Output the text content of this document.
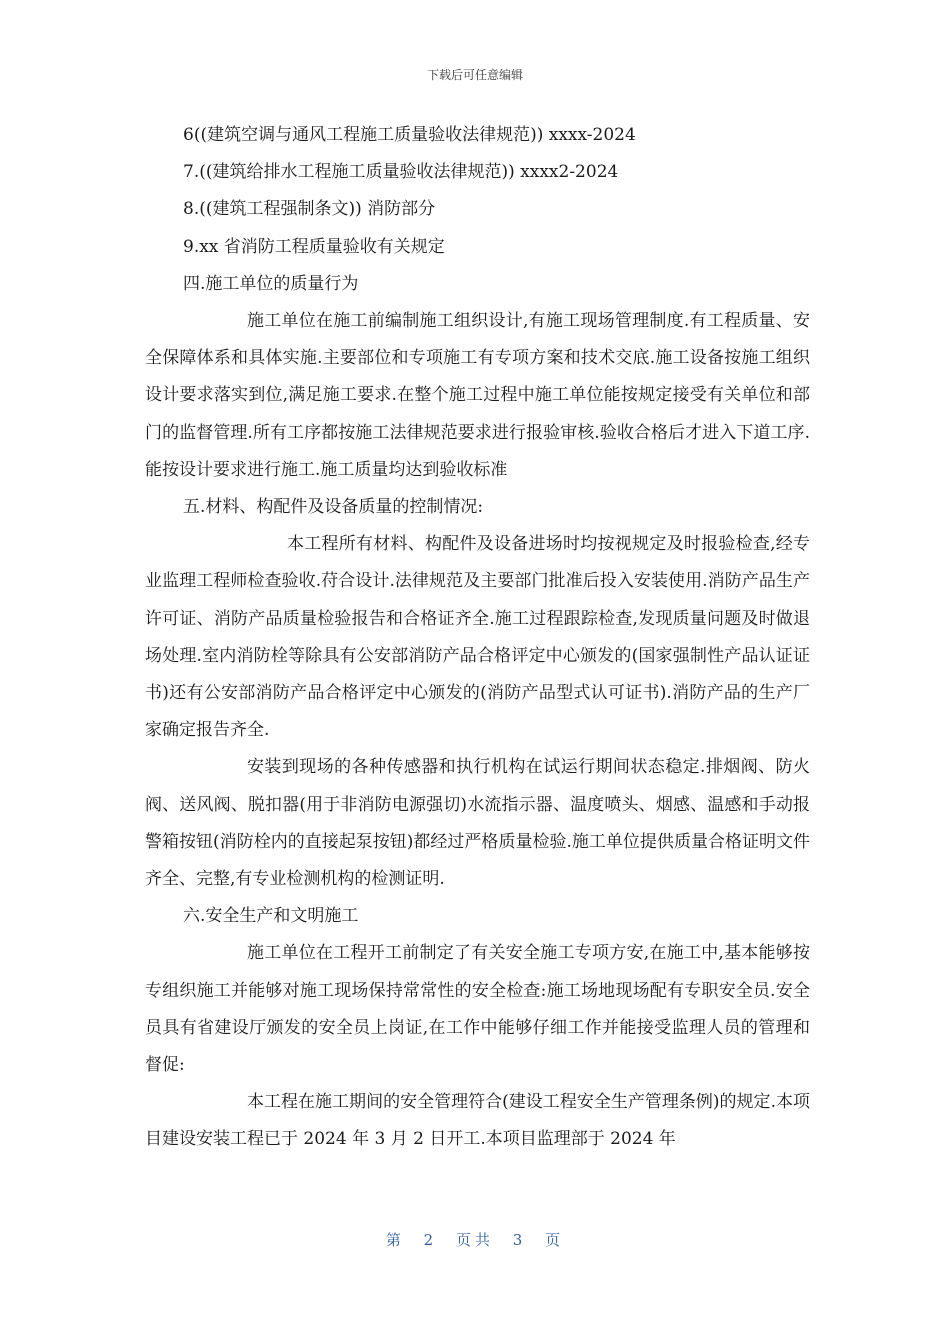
下载后可任意编辑

6((建筑空调与通风工程施工质量验收法律规范)) xxxx-2024

7.((建筑给排水工程施工质量验收法律规范)) xxxx2-2024

8.((建筑工程强制条文)) 消防部分

9.xx 省消防工程质量验收有关规定

四.施工单位的质量行为

施工单位在施工前编制施工组织设计,有施工现场管理制度.有工程质量、安全保障体系和具体实施.主要部位和专项施工有专项方案和技术交底.施工设备按施工组织设计要求落实到位,满足施工要求.在整个施工过程中施工单位能按规定接受有关单位和部门的监督管理.所有工序都按施工法律规范要求进行报验审核.验收合格后才进入下道工序.能按设计要求进行施工.施工质量均达到验收标准

五.材料、构配件及设备质量的控制情况:

本工程所有材料、构配件及设备进场时均按视规定及时报验检查,经专业监理工程师检查验收.苻合设计.法律规范及主要部门批准后投入安装使用.消防产品生产许可证、消防产品质量检验报告和合格证齐全.施工过程跟踪检查,发现质量问题及时做退场处理.室内消防栓等除具有公安部消防产品合格评定中心颁发的(国家强制性产品认证证书)还有公安部消防产品合格评定中心颁发的(消防产品型式认可证书).消防产品的生产厂家确定报告齐全.

安装到现场的各种传感器和执行机构在试运行期间状态稳定.排烟阀、防火阀、送风阀、脱扣器(用于非消防电源强切)水流指示器、温度喷头、烟感、温感和手动报警箱按钮(消防栓内的直接起泵按钮)都经过严格质量检验.施工单位提供质量合格证明文件齐全、完整,有专业检测机构的检测证明.

六.安全生产和文明施工

施工单位在工程开工前制定了有关安全施工专项方安,在施工中,基本能够按专组织施工并能够对施工现场保持常常性的安全检查:施工场地现场配有专职安全员.安全员具有省建设厅颁发的安全员上岗证,在工作中能够仔细工作并能接受监理人员的管理和督促:

本工程在施工期间的安全管理符合(建设工程安全生产管理条例)的规定.本项目建设安装工程已于 2024 年 3 月 2 日开工.本项目监理部于 2024 年

第 2 页共 3 页
